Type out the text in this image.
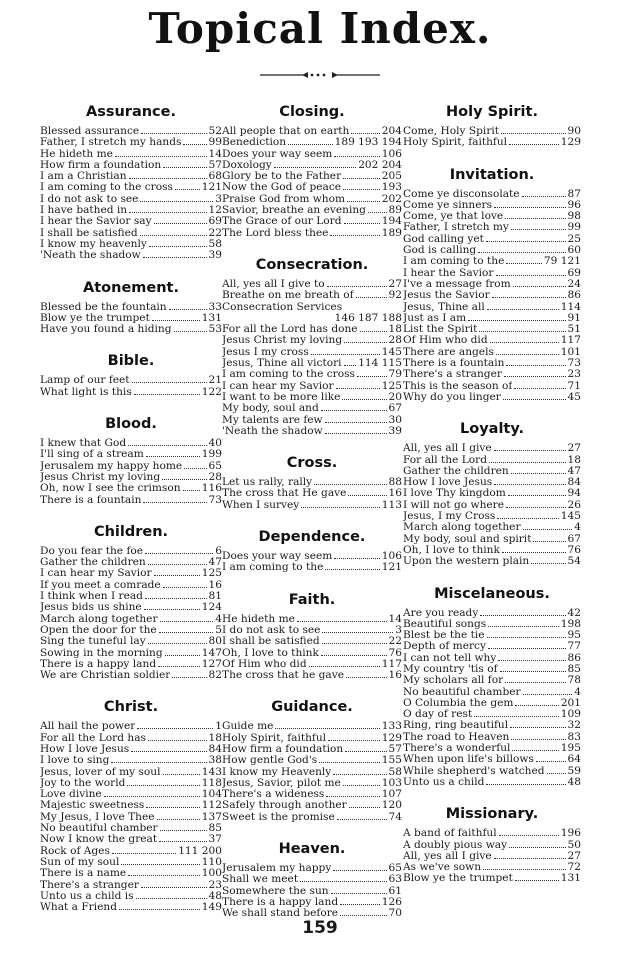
Topical Index.
Assurance.
Blessed assurance	52
Father, I stretch my hands	99
He hideth me	14
How firm a foundation	57
I am a Christian	68
I am coming to the cross	121
I do not ask to see	3
I have bathed in	12
I hear the Savior say	69
I shall be satisfied	22
I know my heavenly	58
'Neath the shadow	39
Atonement.
Blessed be the fountain	33
Blow ye the trumpet	131
Have you found a hiding	53
Bible.
Lamp of our feet	21
What light is this	122
Blood.
I knew that God	40
I'll sing of a stream	199
Jerusalem my happy home 65
Jesus Christ my loving	28
Oh, now I see the crimson 116
There is a fountain	73
Children.
Do you fear the foe	6
Gather the children	47
I can hear my Savior	125
If you meet a comrade	16
I think when I read	81
Jesus bids us shine	124
March along together	4
Open the door for the	5
Sing the tuneful lay	80
Sowing in the morning	147
There is a happy land	127
We are Christian soldier	82
Christ.
All hail the power	1
For all the Lord has	18
How I love Jesus	84
I love to sing	38
Jesus, lover of my soul	143
Joy to the world	118
Love divine	104
Majestic sweetness	112
My Jesus, I love Thee	137
No beautiful chamber	85
Now I know the great	37
Rock of Ages	111 200
Sun of my soul	110
There is a name	100
There's a stranger	23
Unto us a child is	48
What a Friend	149
Closing.
All people that on earth	204
Benediction	189 193 194
Does your way seem	106
Doxology	202 204
Glory be to the Father	205
Now the God of peace	193
Praise God from whom	202
Savior, breathe an evening 89
The Grace of our Lord	194
The Lord bless thee	189
Consecration.
All, yes all I give to	27
Breathe on me breath of	92
Consecration Services
146 187 188
For all the Lord has done	18
Jesus Christ my loving	28
Jesus I my cross	145
Jesus, Thine all victori 114 115
I am coming to the cross	79
I can hear my Savior	125
I want to be more like	20
My body, soul and	67
My talents are few	30
'Neath the shadow	39
Cross.
Let us rally, rally	88
The cross that He gave	16
When I survey	113
Dependence.
Does your way seem	106
I am coming to the	121
Faith.
He hideth me	14
I do not ask to see	3
I shall be satisfied	22
Oh, I love to think	76
Of Him who did	117
The cross that he gave	16
Guidance.
Guide me	133
Holy Spirit, faithful	129
How firm a foundation	57
How gentle God's	155
I know my Heavenly	58
Jesus, Savior, pilot me	103
There's a wideness	107
Safely through another	120
Sweet is the promise	74
Heaven.
Jerusalem my happy	65
Shall we meet	63
Somewhere the sun	61
There is a happy land	126
We shall stand before	70
Holy Spirit.
Come, Holy Spirit	90
Holy Spirit, faithful	129
Invitation.
Come ye disconsolate	87
Come ye sinners	96
Come, ye that love	98
Father, I stretch my	99
God calling yet	25
God is calling	60
I am coming to the	79 121
I hear the Savior	69
I've a message from	24
Jesus the Savior	86
Jesus, Thine all	114
Just as I am	91
List the Spirit	51
Of Him who did	117
There are angels	101
There is a fountain	73
There's a stranger	23
This is the season of	71
Why do you linger	45
Loyalty.
All, yes all I give	27
For all the Lord	18
Gather the children	47
How I love Jesus	84
I love Thy kingdom	94
I will not go where	26
Jesus, I my Cross	145
March along together	4
My body, soul and spirit	67
Oh, I love to think	76
Upon the western plain	54
Miscelaneous.
Are you ready	42
Beautiful songs	198
Blest be the tie	95
Depth of mercy	77
I can not tell why	86
My country 'tis of	85
My scholars all for	78
No beautiful chamber	4
O Columbia the gem	201
O day of rest	109
Ring, ring beautiful	32
The road to Heaven	83
There's a wonderful	195
When upon life's billows	64
While shepherd's watched 59
Unto us a child	48
Missionary.
A band of faithful	196
A doubly pious way	50
All, yes all I give	27
As we've sown	72
Blow ye the trumpet	131
159
